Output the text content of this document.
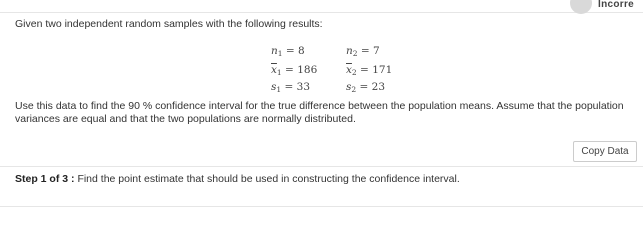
Incorre
Given two independent random samples with the following results:
$n_1 = 8$	$n_2 = 7$
$\overline{x}_1 = 186$	$\overline{x}_2 = 171$
$s_1 = 33$	$s_2 = 23$
Use this data to find the 90 % confidence interval for the true difference between the population means. Assume that the population variances are equal and that the two populations are normally distributed.
Copy Data
Step 1 of 3 : Find the point estimate that should be used in constructing the confidence interval.
